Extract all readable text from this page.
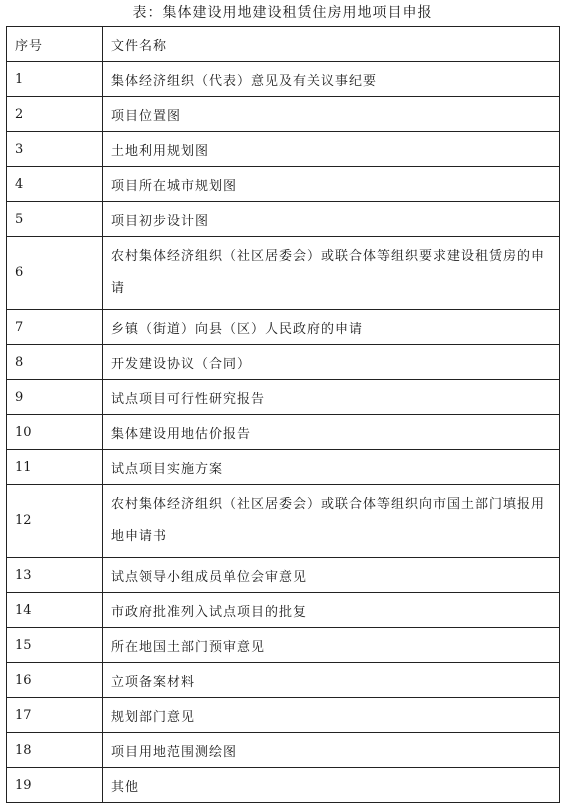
表：集体建设用地建设租赁住房用地项目申报
序号	文件名称
1	集体经济组织（代表）意见及有关议事纪要
2	项目位置图
3	土地利用规划图
4	项目所在城市规划图
5	项目初步设计图
6	农村集体经济组织（社区居委会）或联合体等组织要求建设租赁房的申请
7	乡镇（街道）向县（区）人民政府的申请
8	开发建设协议（合同）
9	试点项目可行性研究报告
10	集体建设用地估价报告
11	试点项目实施方案
12	农村集体经济组织（社区居委会）或联合体等组织向市国土部门填报用地申请书
13	试点领导小组成员单位会审意见
14	市政府批准列入试点项目的批复
15	所在地国土部门预审意见
16	立项备案材料
17	规划部门意见
18	项目用地范围测绘图
19	其他
